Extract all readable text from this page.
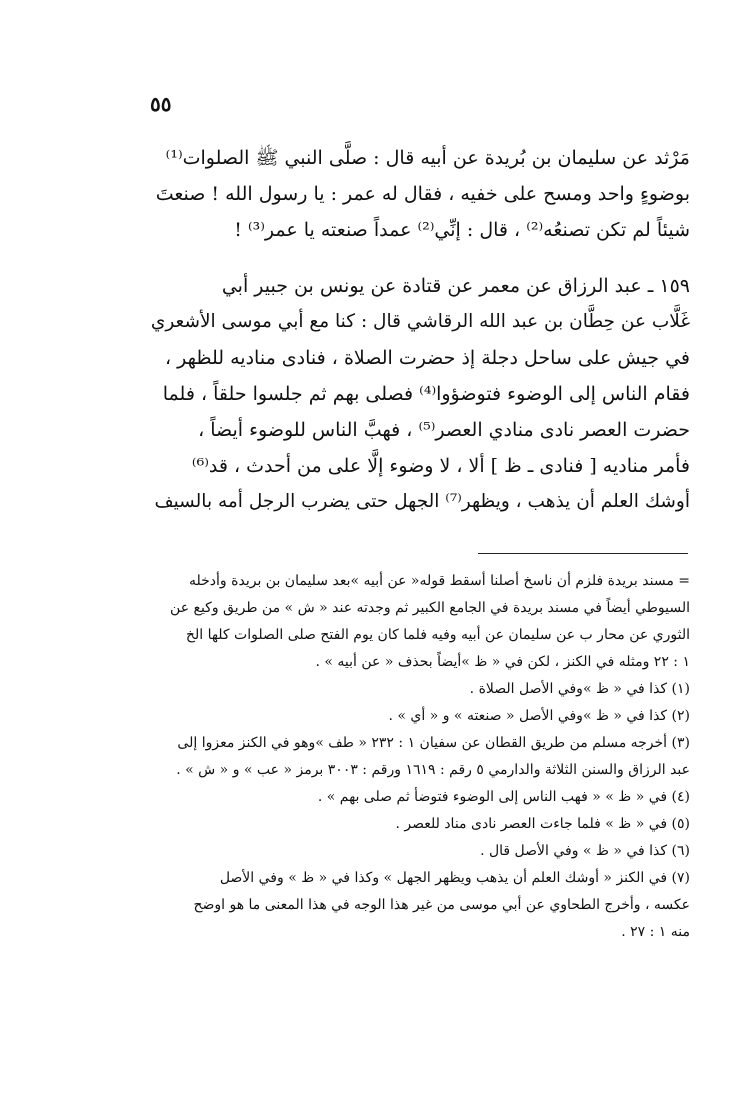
٥٥

مَرْثد عن سليمان بن بُريدة عن أبيه قال : صلَّى النبي ﷺ الصلوات⁽¹⁾

بوضوءٍ واحد ومسح على خفيه ، فقال له عمر : يا رسول الله ! صنعتَ

شيئاً لم تكن تصنعُه⁽²⁾ ، قال : إنِّي⁽²⁾ عمداً صنعته يا عمر⁽³⁾ !

١٥٩ ـ عبد الرزاق عن معمر عن قتادة عن يونس بن جبير أبي

غَلَّاب عن حِطَّان بن عبد الله الرقاشي قال : كنا مع أبي موسى الأشعري

في جيش على ساحل دجلة إذ حضرت الصلاة ، فنادى مناديه للظهر ،

فقام الناس إلى الوضوء فتوضؤوا⁽⁴⁾ فصلى بهم ثم جلسوا حلقاً ، فلما

حضرت العصر نادى منادي العصر⁽⁵⁾ ، فهبَّ الناس للوضوء أيضاً ،

فأمر مناديه [ فنادى ـ ظ ] ألا ، لا وضوء إلَّا على من أحدث ، قد⁽⁶⁾

أوشك العلم أن يذهب ، ويظهر⁽⁷⁾ الجهل حتى يضرب الرجل أمه بالسيف

= مسند بريدة فلزم أن ناسخ أصلنا أسقط قوله« عن أبيه »بعد سليمان بن بريدة وأدخله

السيوطي أيضاً في مسند بريدة في الجامع الكبير ثم وجدته عند « ش » من طريق وكيع عن

الثوري عن محار ب عن سليمان عن أبيه وفيه فلما كان يوم الفتح صلى الصلوات كلها الخ

١ : ٢٢ ومثله في الكنز ، لكن في « ظ »أيضاً بحذف « عن أبيه » .

(١) كذا في « ظ »وفي الأصل الصلاة .

(٢) كذا في « ظ »وفي الأصل « صنعته » و « أي » .

(٣) أخرجه مسلم من طريق القطان عن سفيان ١ : ٢٣٢ « طف »وهو في الكنز معزوا إلى

عبد الرزاق والسنن الثلاثة والدارمي ٥ رقم : ١٦١٩ ورقم : ٣٠٠٣ برمز « عب » و « ش » .

(٤) في « ظ » « فهب الناس إلى الوضوء فتوضأ ثم صلى بهم » .

(٥) في « ظ » فلما جاءت العصر نادى مناد للعصر .

(٦) كذا في « ظ » وفي الأصل قال .

(٧) في الكنز « أوشك العلم أن يذهب ويظهر الجهل » وكذا في « ظ » وفي الأصل

عكسه ، وأخرج الطحاوي عن أبي موسى من غير هذا الوجه في هذا المعنى ما هو اوضح

منه ١ : ٢٧ .
